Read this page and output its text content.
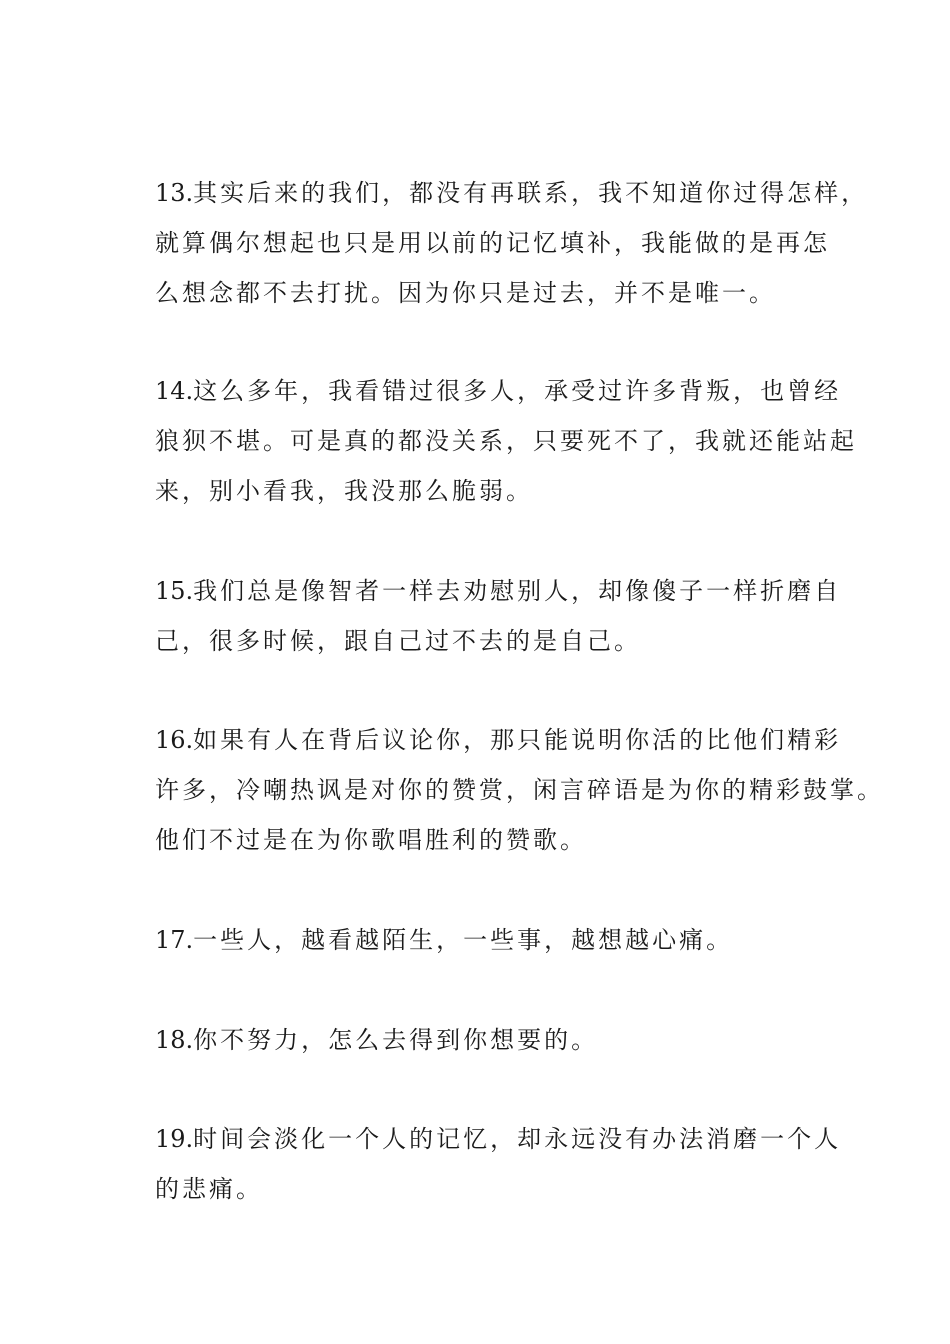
13.其实后来的我们，都没有再联系，我不知道你过得怎样，
就算偶尔想起也只是用以前的记忆填补，我能做的是再怎
么想念都不去打扰。因为你只是过去，并不是唯一。
14.这么多年，我看错过很多人，承受过许多背叛，也曾经
狼狈不堪。可是真的都没关系，只要死不了，我就还能站起
来，别小看我，我没那么脆弱。
15.我们总是像智者一样去劝慰别人，却像傻子一样折磨自
己，很多时候，跟自己过不去的是自己。
16.如果有人在背后议论你，那只能说明你活的比他们精彩
许多，冷嘲热讽是对你的赞赏，闲言碎语是为你的精彩鼓掌。
他们不过是在为你歌唱胜利的赞歌。
17.一些人，越看越陌生，一些事，越想越心痛。
18.你不努力，怎么去得到你想要的。
19.时间会淡化一个人的记忆，却永远没有办法消磨一个人
的悲痛。
